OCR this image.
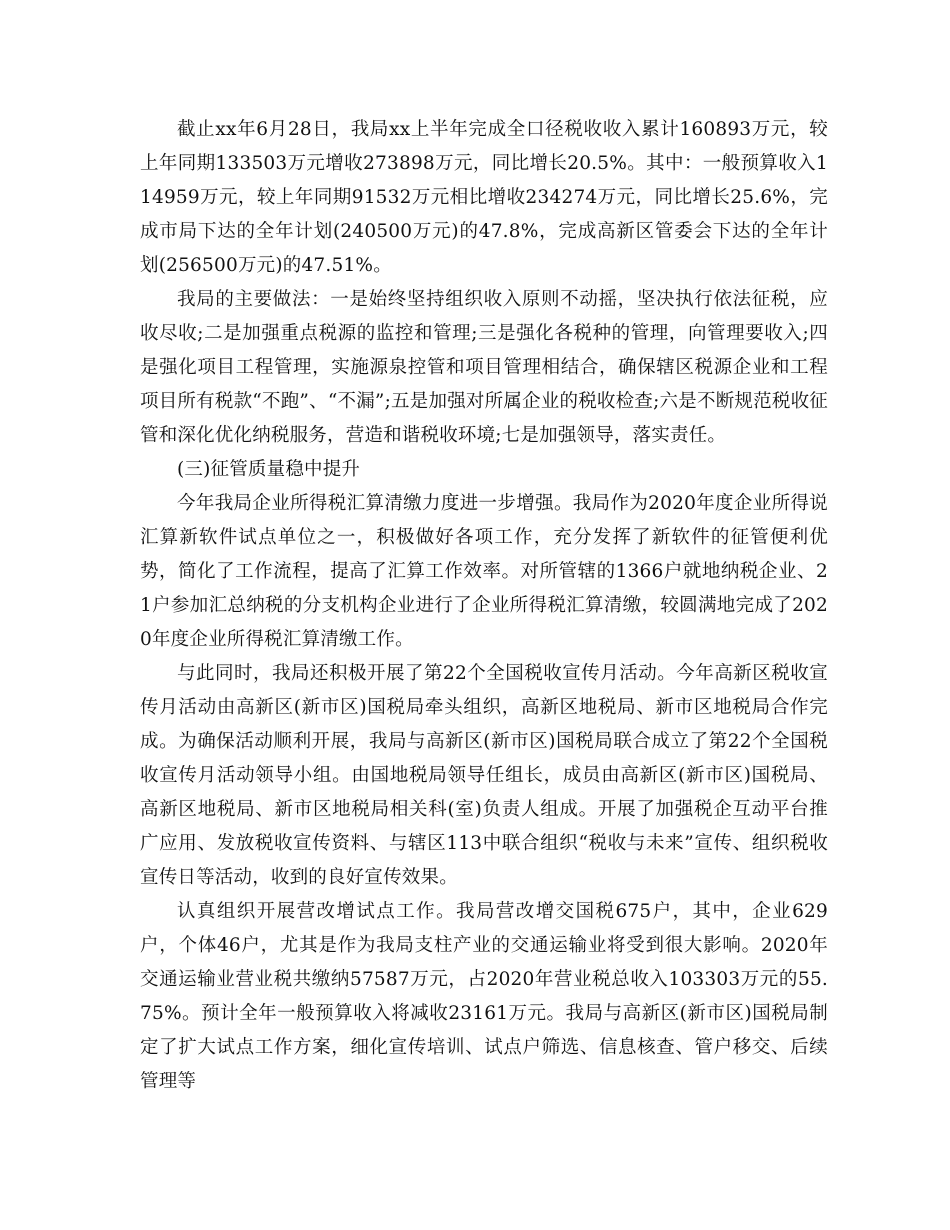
截止xx年6月28日，我局xx上半年完成全口径税收收入累计160893万元，较上年同期133503万元增收273898万元，同比增长20.5%。其中：一般预算收入114959万元，较上年同期91532万元相比增收234274万元，同比增长25.6%，完成市局下达的全年计划(240500万元)的47.8%，完成高新区管委会下达的全年计划(256500万元)的47.51%。

我局的主要做法：一是始终坚持组织收入原则不动摇，坚决执行依法征税，应收尽收;二是加强重点税源的监控和管理;三是强化各税种的管理，向管理要收入;四是强化项目工程管理，实施源泉控管和项目管理相结合，确保辖区税源企业和工程项目所有税款“不跑”、“不漏”;五是加强对所属企业的税收检查;六是不断规范税收征管和深化优化纳税服务，营造和谐税收环境;七是加强领导，落实责任。

(三)征管质量稳中提升

今年我局企业所得税汇算清缴力度进一步增强。我局作为2020年度企业所得说汇算新软件试点单位之一，积极做好各项工作，充分发挥了新软件的征管便利优势，简化了工作流程，提高了汇算工作效率。对所管辖的1366户就地纳税企业、21户参加汇总纳税的分支机构企业进行了企业所得税汇算清缴，较圆满地完成了2020年度企业所得税汇算清缴工作。

与此同时，我局还积极开展了第22个全国税收宣传月活动。今年高新区税收宣传月活动由高新区(新市区)国税局牵头组织，高新区地税局、新市区地税局合作完成。为确保活动顺利开展，我局与高新区(新市区)国税局联合成立了第22个全国税收宣传月活动领导小组。由国地税局领导任组长，成员由高新区(新市区)国税局、高新区地税局、新市区地税局相关科(室)负责人组成。开展了加强税企互动平台推广应用、发放税收宣传资料、与辖区113中联合组织“税收与未来”宣传、组织税收宣传日等活动，收到的良好宣传效果。

认真组织开展营改增试点工作。我局营改增交国税675户，其中，企业629户，个体46户，尤其是作为我局支柱产业的交通运输业将受到很大影响。2020年交通运输业营业税共缴纳57587万元，占2020年营业税总收入103303万元的55.75%。预计全年一般预算收入将减收23161万元。我局与高新区(新市区)国税局制定了扩大试点工作方案，细化宣传培训、试点户筛选、信息核查、管户移交、后续管理等
